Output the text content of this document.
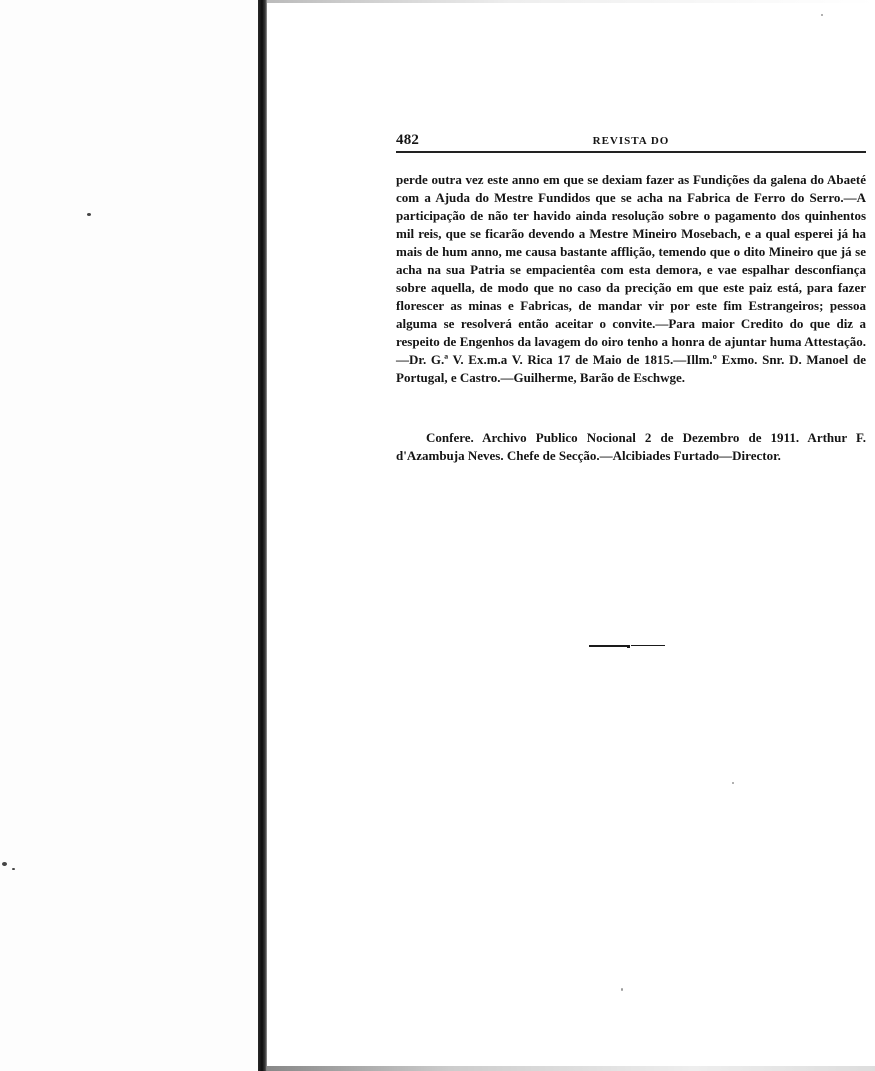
482	REVISTA DO

perde outra vez este anno em que se dexiam fazer as Fundições da galena do Abaeté com a Ajuda do Mestre Fundidos que se acha na Fabrica de Ferro do Serro.—A participação de não ter havido ainda resolução sobre o pagamento dos quinhentos mil reis, que se ficarão devendo a Mestre Mineiro Mosebach, e a qual esperei já ha mais de hum anno, me causa bastante afflição, temendo que o dito Mineiro que já se acha na sua Patria se empacientêa com esta demora, e vae espalhar desconfiança sobre aquella, de modo que no caso da precição em que este paiz está, para fazer florescer as minas e Fabricas, de mandar vir por este fim Estrangeiros; pessoa alguma se resolverá então aceitar o convite.—Para maior Credito do que diz a respeito de Engenhos da lavagem do oiro tenho a honra de ajuntar huma Attestação.—Dr. G.ª V. Ex.m.a V. Rica 17 de Maio de 1815.—Illm.º Exmo. Snr. D. Manoel de Portugal, e Castro.—Guilherme, Barão de Eschwge.

Confere. Archivo Publico Nocional 2 de Dezembro de 1911. Arthur F. d'Azambuja Neves. Chefe de Secção.—Alcibiades Furtado—Director.
